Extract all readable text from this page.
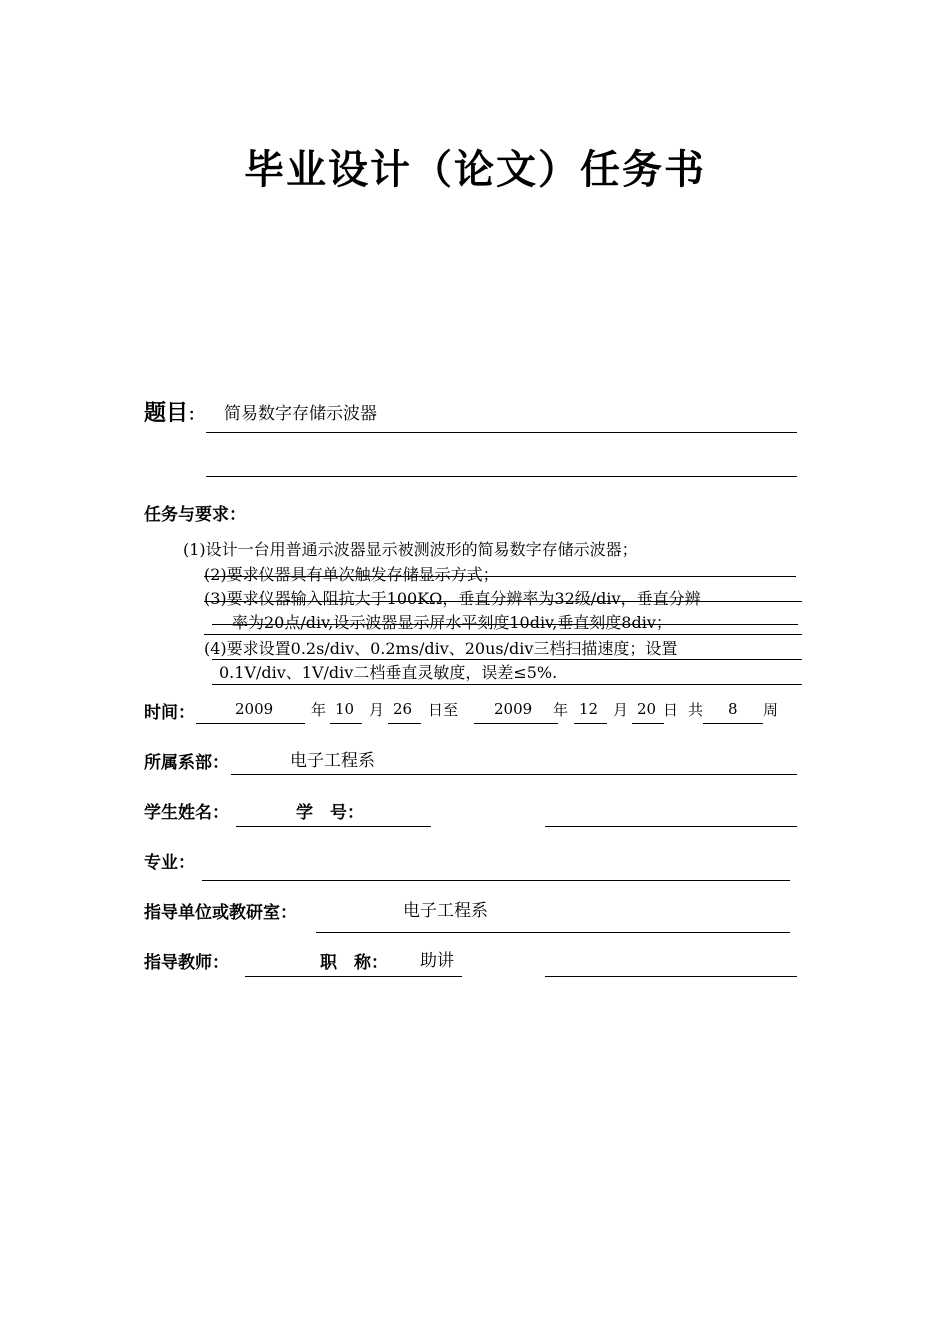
毕业设计（论文）任务书
题目： 简易数字存储示波器
任务与要求：
(1)设计一台用普通示波器显示被测波形的简易数字存储示波器；
(2)要求仪器具有单次触发存储显示方式；
(3)要求仪器输入阻抗大于100KΩ，垂直分辨率为32级/div，垂直分辨
率为20点/div,设示波器显示屏水平刻度10div,垂直刻度8div；
(4)要求设置0.2s/div、0.2ms/div、20us/div三档扫描速度；设置
0.1V/div、1V/div二档垂直灵敏度，误差≤5%.
时间：	2009	年 10 月 26 日至 2009 年 12 月 20 日 共 8 周
所属系部：	电子工程系
学生姓名：	学　号：
专业：
指导单位或教研室：	电子工程系
指导教师：	职　称： 助讲
